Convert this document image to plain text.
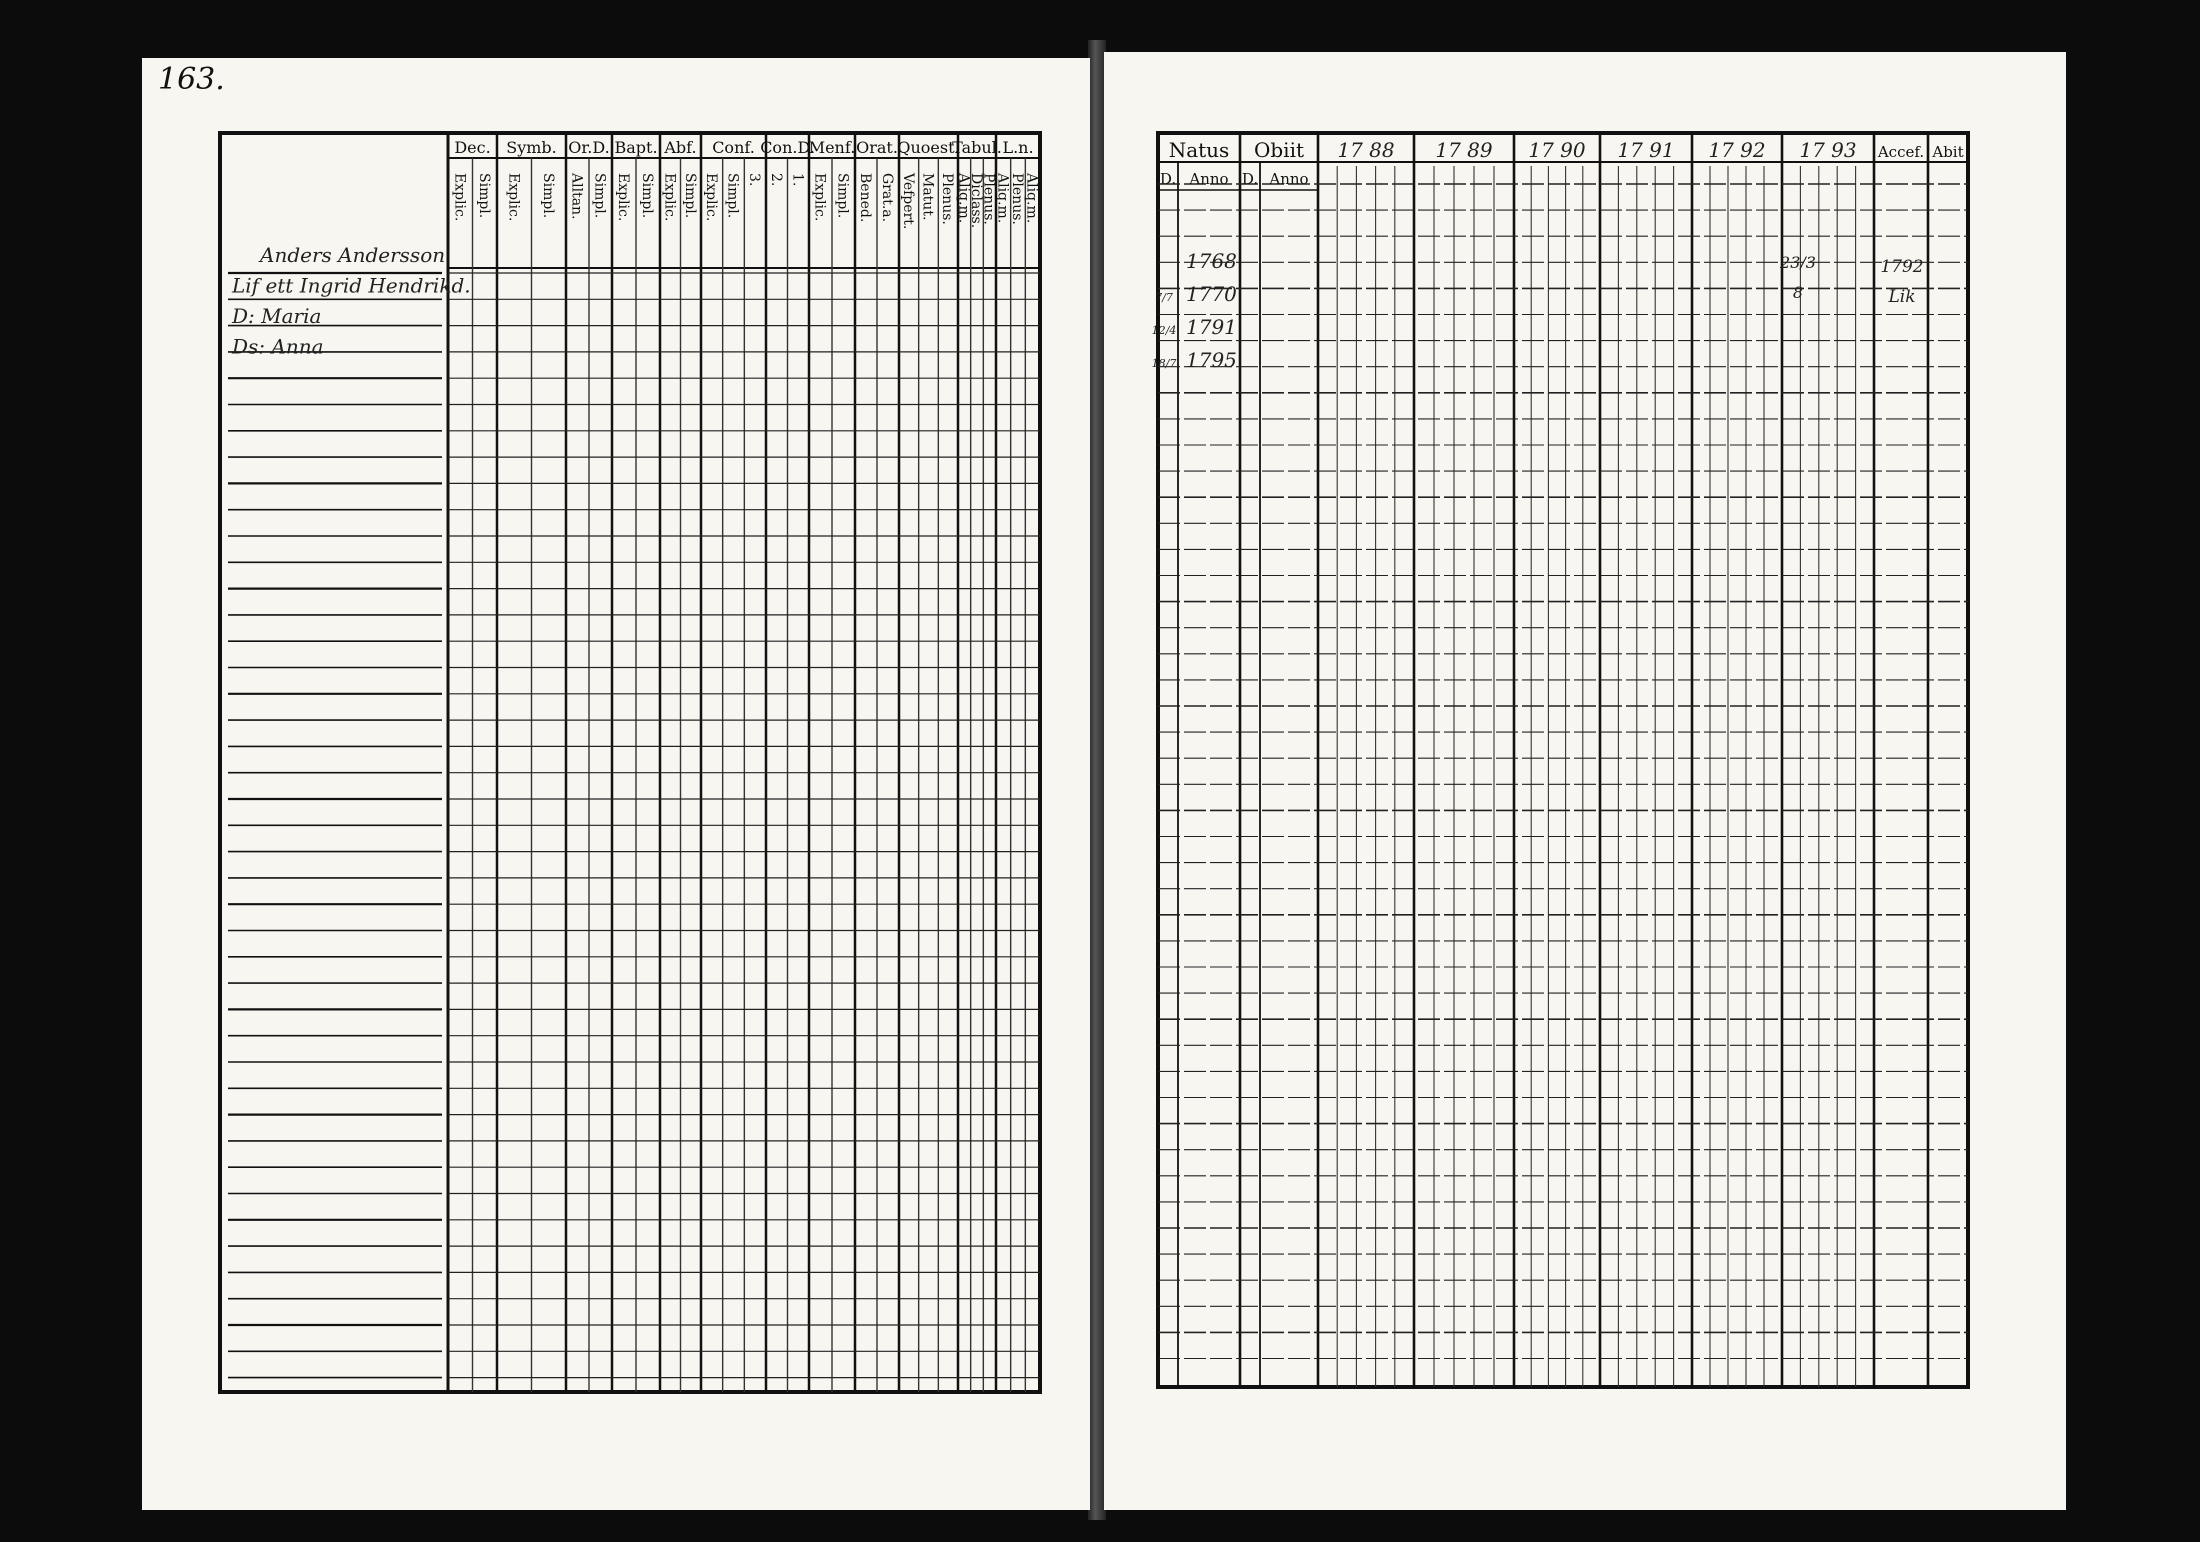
163.
Dec. Symb. Or.D. Bapt. Abf. Conf. Con.D.
Menf. Orat. Quoest.
Tabul. L.n.
Explic. Simpl. Explic. Simpl. Alltan. Simpl. Explic. Simpl. Explic. Simpl. Explic. Simpl. 3. 2. 1. Explic. Simpl. Bened. Grat.a. Vefpert. Matut. Plenus. Aliq.m.
Diclass.
Plenus.
Aliq.m.
Plenus.
Aliq.m.
Anders Andersson
Lif ett Ingrid Hendrikd.
D: Maria
Ds: Anna
Natus Obiit 17 88 17 89 17 90 17 91 17 92 17 93 Accef. Abit
D. Anno D. Anno
1768
1770
1791
1795
7/7
12/4
18/7
23/3
8
1792
Lik
